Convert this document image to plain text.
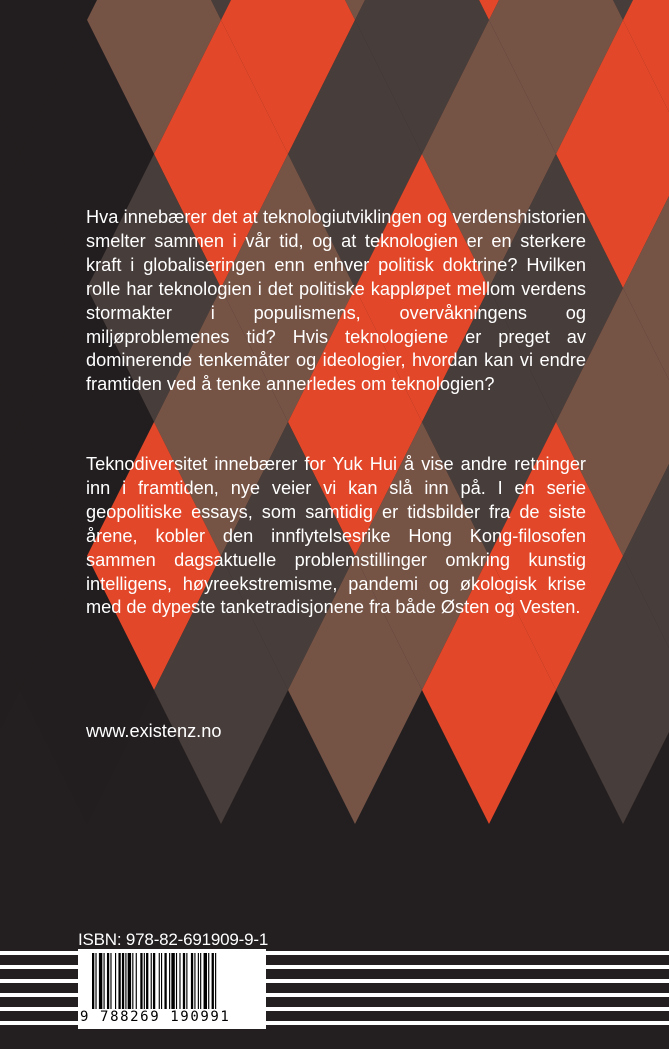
Hva innebærer det at teknologiutviklingen og verdenshistorien smelter sammen i vår tid, og at teknologien er en sterkere kraft i globaliseringen enn enhver politisk doktrine? Hvilken rolle har teknologien i det politiske kappløpet mellom verdens stormakter i populismens, overvåkningens og miljøproblemenes tid? Hvis teknologiene er preget av dominerende tenkemåter og ideologier, hvordan kan vi endre framtiden ved å tenke annerledes om teknologien?

Teknodiversitet innebærer for Yuk Hui å vise andre retninger inn i framtiden, nye veier vi kan slå inn på. I en serie geopolitiske essays, som samtidig er tidsbilder fra de siste årene, kobler den innflytelsesrike Hong Kong-filosofen sammen dagsaktuelle problemstillinger omkring kunstig intelligens, høyreekstremisme, pandemi og økologisk krise med de dypeste tanketradisjonene fra både Østen og Vesten.

www.existenz.no

ISBN: 978-82-691909-9-1
9 788269 190991
